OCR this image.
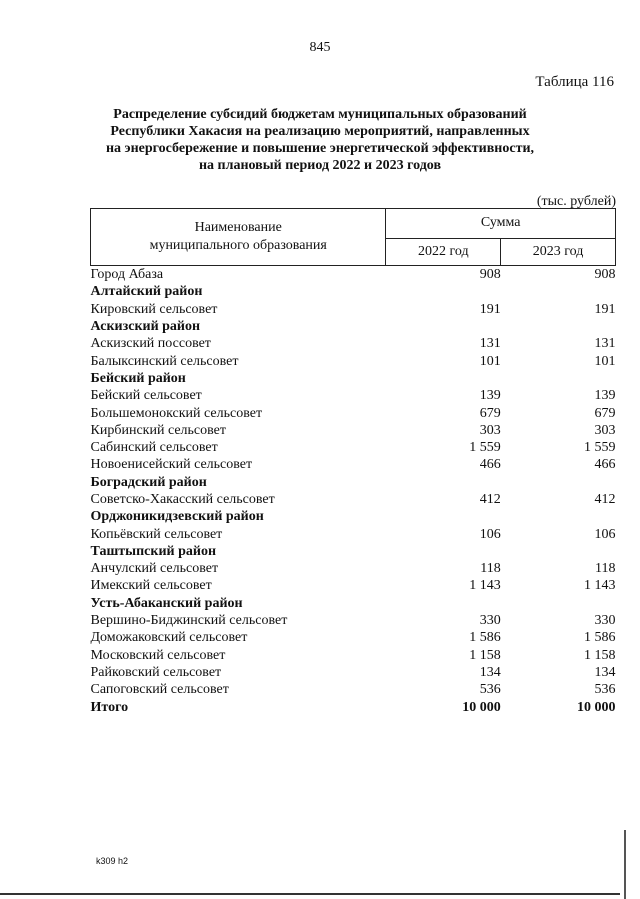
845
Таблица 116
Распределение субсидий бюджетам муниципальных образований
Республики Хакасия на реализацию мероприятий, направленных
на энергосбережение и повышение энергетической эффективности,
на плановый период 2022 и 2023 годов
(тыс. рублей)
Наименование
муниципального образования	Сумма	
	2022 год	2023 год
Город Абаза	908	908
Алтайский район		
Кировский сельсовет	191	191
Аскизский район		
Аскизский поссовет	131	131
Балыксинский сельсовет	101	101
Бейский район		
Бейский сельсовет	139	139
Большемонокский сельсовет	679	679
Кирбинский сельсовет	303	303
Сабинский сельсовет	1 559	1 559
Новоенисейский сельсовет	466	466
Боградский район		
Советско-Хакасский сельсовет	412	412
Орджоникидзевский район		
Копьёвский сельсовет	106	106
Таштыпский район		
Анчулский сельсовет	118	118
Имекский сельсовет	1 143	1 143
Усть-Абаканский район		
Вершино-Биджинский сельсовет	330	330
Доможаковский сельсовет	1 586	1 586
Московский сельсовет	1 158	1 158
Райковский сельсовет	134	134
Сапоговский сельсовет	536	536
Итого	10 000	10 000
k309 h2
